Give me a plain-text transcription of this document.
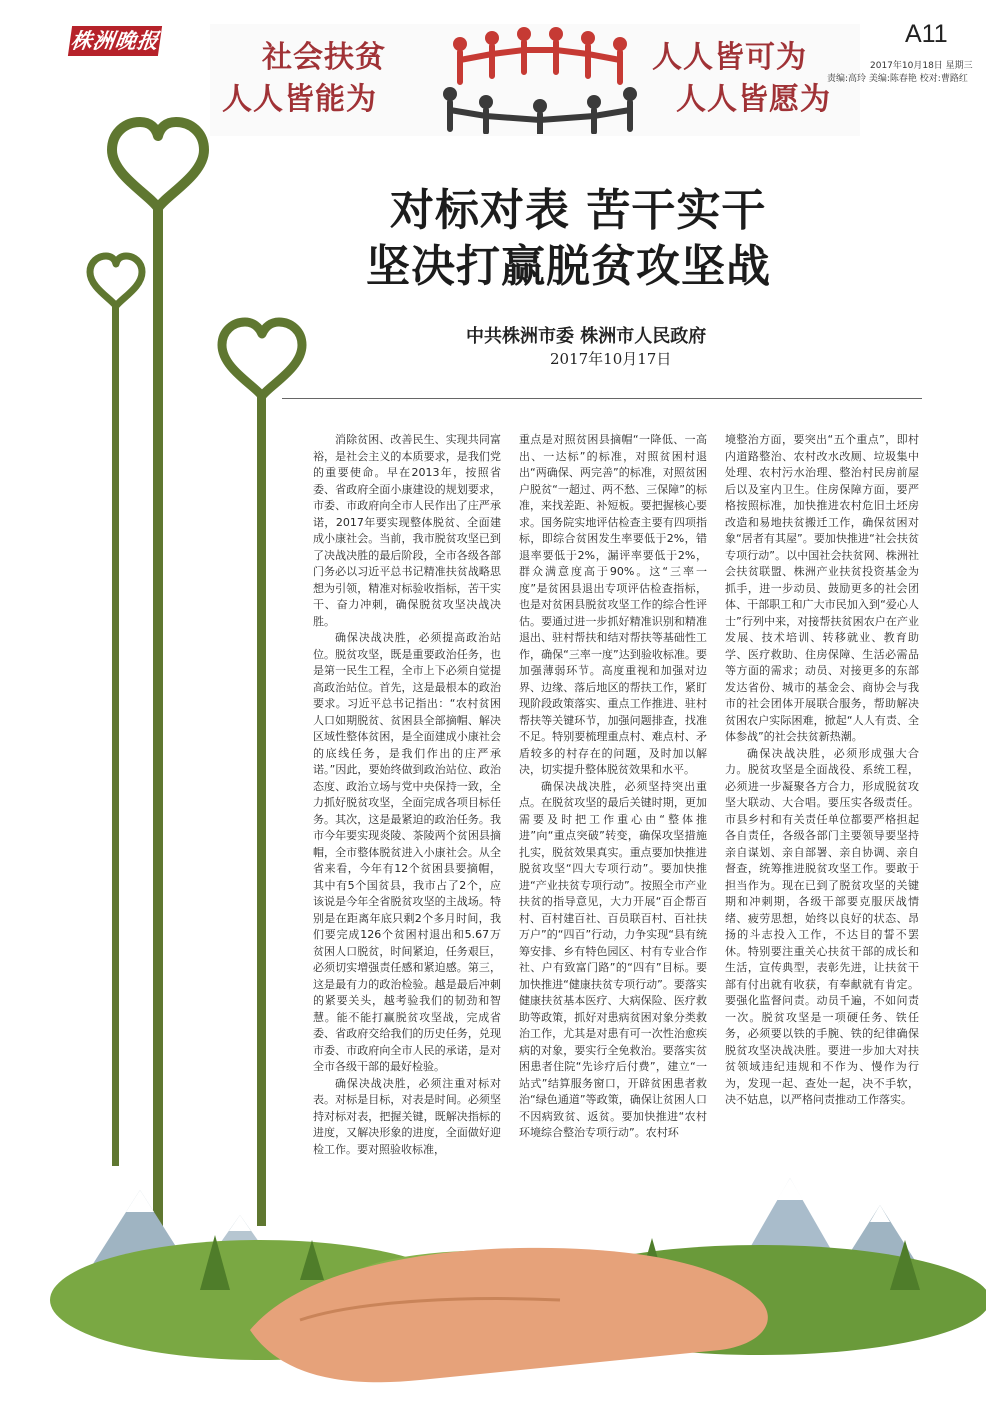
株洲晚报	社会扶贫
人人皆能为
人人皆可为
人人皆愿为
A11
2017年10月18日 星期三
责编:高玲 美编:陈春艳 校对:曹路红
对标对表 苦干实干
坚决打赢脱贫攻坚战
中共株洲市委 株洲市人民政府
2017年10月17日

消除贫困、改善民生、实现共同富裕，是社会主义的本质要求，是我们党的重要使命。早在2013年，按照省委、省政府全面小康建设的规划要求，市委、市政府向全市人民作出了庄严承诺，2017年要实现整体脱贫、全面建成小康社会。当前，我市脱贫攻坚已到了决战决胜的最后阶段，全市各级各部门务必以习近平总书记精准扶贫战略思想为引领，精准对标验收指标，苦干实干、奋力冲刺，确保脱贫攻坚决战决胜。

确保决战决胜，必须提高政治站位。脱贫攻坚，既是重要政治任务，也是第一民生工程，全市上下必须自觉提高政治站位。首先，这是最根本的政治要求。习近平总书记指出：“农村贫困人口如期脱贫、贫困县全部摘帽、解决区域性整体贫困，是全面建成小康社会的底线任务，是我们作出的庄严承诺。”因此，要始终做到政治站位、政治态度、政治立场与党中央保持一致，全力抓好脱贫攻坚，全面完成各项目标任务。其次，这是最紧迫的政治任务。我市今年要实现炎陵、茶陵两个贫困县摘帽，全市整体脱贫进入小康社会。从全省来看，今年有12个贫困县要摘帽，其中有5个国贫县，我市占了2个，应该说是今年全省脱贫攻坚的主战场。特别是在距离年底只剩2个多月时间，我们要完成126个贫困村退出和5.67万贫困人口脱贫，时间紧迫，任务艰巨，必须切实增强责任感和紧迫感。第三，这是最有力的政治检验。越是最后冲刺的紧要关头，越考验我们的韧劲和智慧。能不能打赢脱贫攻坚战，完成省委、省政府交给我们的历史任务，兑现市委、市政府向全市人民的承诺，是对全市各级干部的最好检验。

确保决战决胜，必须注重对标对表。对标是目标，对表是时间。必须坚持对标对表，把握关键，既解决指标的进度，又解决形象的进度，全面做好迎检工作。要对照验收标准，

重点是对照贫困县摘帽“一降低、一高出、一达标”的标准，对照贫困村退出“两确保、两完善”的标准，对照贫困户脱贫“一超过、两不愁、三保障”的标准，来找差距、补短板。要把握核心要求。国务院实地评估检查主要有四项指标，即综合贫困发生率要低于2%，错退率要低于2%，漏评率要低于2%，群众满意度高于90%。这“三率一度”是贫困县退出专项评估检查指标，也是对贫困县脱贫攻坚工作的综合性评估。要通过进一步抓好精准识别和精准退出、驻村帮扶和结对帮扶等基础性工作，确保“三率一度”达到验收标准。要加强薄弱环节。高度重视和加强对边界、边缘、落后地区的帮扶工作，紧盯现阶段政策落实、重点工作推进、驻村帮扶等关键环节，加强问题排查，找准不足。特别要梳理重点村、难点村、矛盾较多的村存在的问题，及时加以解决，切实提升整体脱贫效果和水平。

确保决战决胜，必须坚持突出重点。在脱贫攻坚的最后关键时期，更加需要及时把工作重心由“整体推进”向“重点突破”转变，确保攻坚措施扎实，脱贫效果真实。重点要加快推进脱贫攻坚“四大专项行动”。要加快推进“产业扶贫专项行动”。按照全市产业扶贫的指导意见，大力开展“百企帮百村、百村建百社、百员联百村、百社扶万户”的“四百”行动，力争实现“县有统筹安排、乡有特色园区、村有专业合作社、户有致富门路”的“四有”目标。要加快推进“健康扶贫专项行动”。要落实健康扶贫基本医疗、大病保险、医疗救助等政策，抓好对患病贫困对象分类救治工作，尤其是对患有可一次性治愈疾病的对象，要实行全免救治。要落实贫困患者住院“先诊疗后付费”，建立“一站式”结算服务窗口，开辟贫困患者救治“绿色通道”等政策，确保让贫困人口不因病致贫、返贫。要加快推进“农村环境综合整治专项行动”。农村环

境整治方面，要突出“五个重点”，即村内道路整治、农村改水改厕、垃圾集中处理、农村污水治理、整治村民房前屋后以及室内卫生。住房保障方面，要严格按照标准，加快推进农村危旧土坯房改造和易地扶贫搬迁工作，确保贫困对象“居者有其屋”。要加快推进“社会扶贫专项行动”。以中国社会扶贫网、株洲社会扶贫联盟、株洲产业扶贫投资基金为抓手，进一步动员、鼓励更多的社会团体、干部职工和广大市民加入到“爱心人士”行列中来，对接帮扶贫困农户在产业发展、技术培训、转移就业、教育助学、医疗救助、住房保障、生活必需品等方面的需求；动员、对接更多的东部发达省份、城市的基金会、商协会与我市的社会团体开展联合服务，帮助解决贫困农户实际困难，掀起“人人有责、全体参战”的社会扶贫新热潮。

确保决战决胜，必须形成强大合力。脱贫攻坚是全面战役、系统工程，必须进一步凝聚各方合力，形成脱贫攻坚大联动、大合唱。要压实各级责任。市县乡村和有关责任单位都要严格担起各自责任，各级各部门主要领导要坚持亲自谋划、亲自部署、亲自协调、亲自督查，统筹推进脱贫攻坚工作。要敢于担当作为。现在已到了脱贫攻坚的关键期和冲刺期，各级干部要克服厌战情绪、疲劳思想，始终以良好的状态、昂扬的斗志投入工作，不达目的誓不罢休。特别要注重关心扶贫干部的成长和生活，宣传典型，表彰先进，让扶贫干部有付出就有收获，有奉献就有肯定。要强化监督问责。动员千遍，不如问责一次。脱贫攻坚是一项硬任务、铁任务，必须要以铁的手腕、铁的纪律确保脱贫攻坚决战决胜。要进一步加大对扶贫领域违纪违规和不作为、慢作为行为，发现一起、查处一起，决不手软，决不姑息，以严格问责推动工作落实。
